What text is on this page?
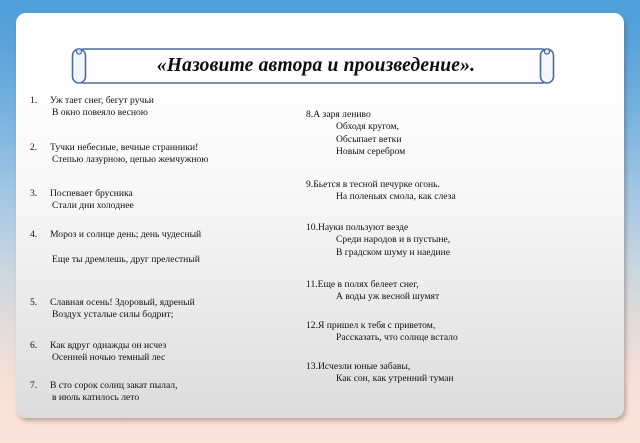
«Назовите автора и произведение».
1. Уж тает снег, бегут ручьи
В окно повеяло весною
2. Тучки небесные, вечные странники!
Степью лазурною, цепью жемчужною
3. Поспевает брусника
Стали дни холоднее
4. Мороз и солнце день; день чудесный
Еще ты дремлешь, друг прелестный
5. Славная осень! Здоровый, ядреный
Воздух усталые силы бодрит;
6. Как вдруг однажды он исчез
Осенней ночью темный лес
7. В сто сорок солнц закат пылал,
в июль катилось лето
8.А заря лениво
Обходя кругом,
Обсыпает ветки
Новым серебром
9.Бьется в тесной печурке огонь.
На поленьях смола, как слеза
10.Науки пользуют везде
Среди народов и в пустыне,
В градском шуму и наедине
11.Еще в полях белеет снег,
А воды уж весной шумят
12.Я пришел к тебя с приветом,
Рассказать, что солнце встало
13.Исчезли юные забавы,
Как сон, как утренний туман
